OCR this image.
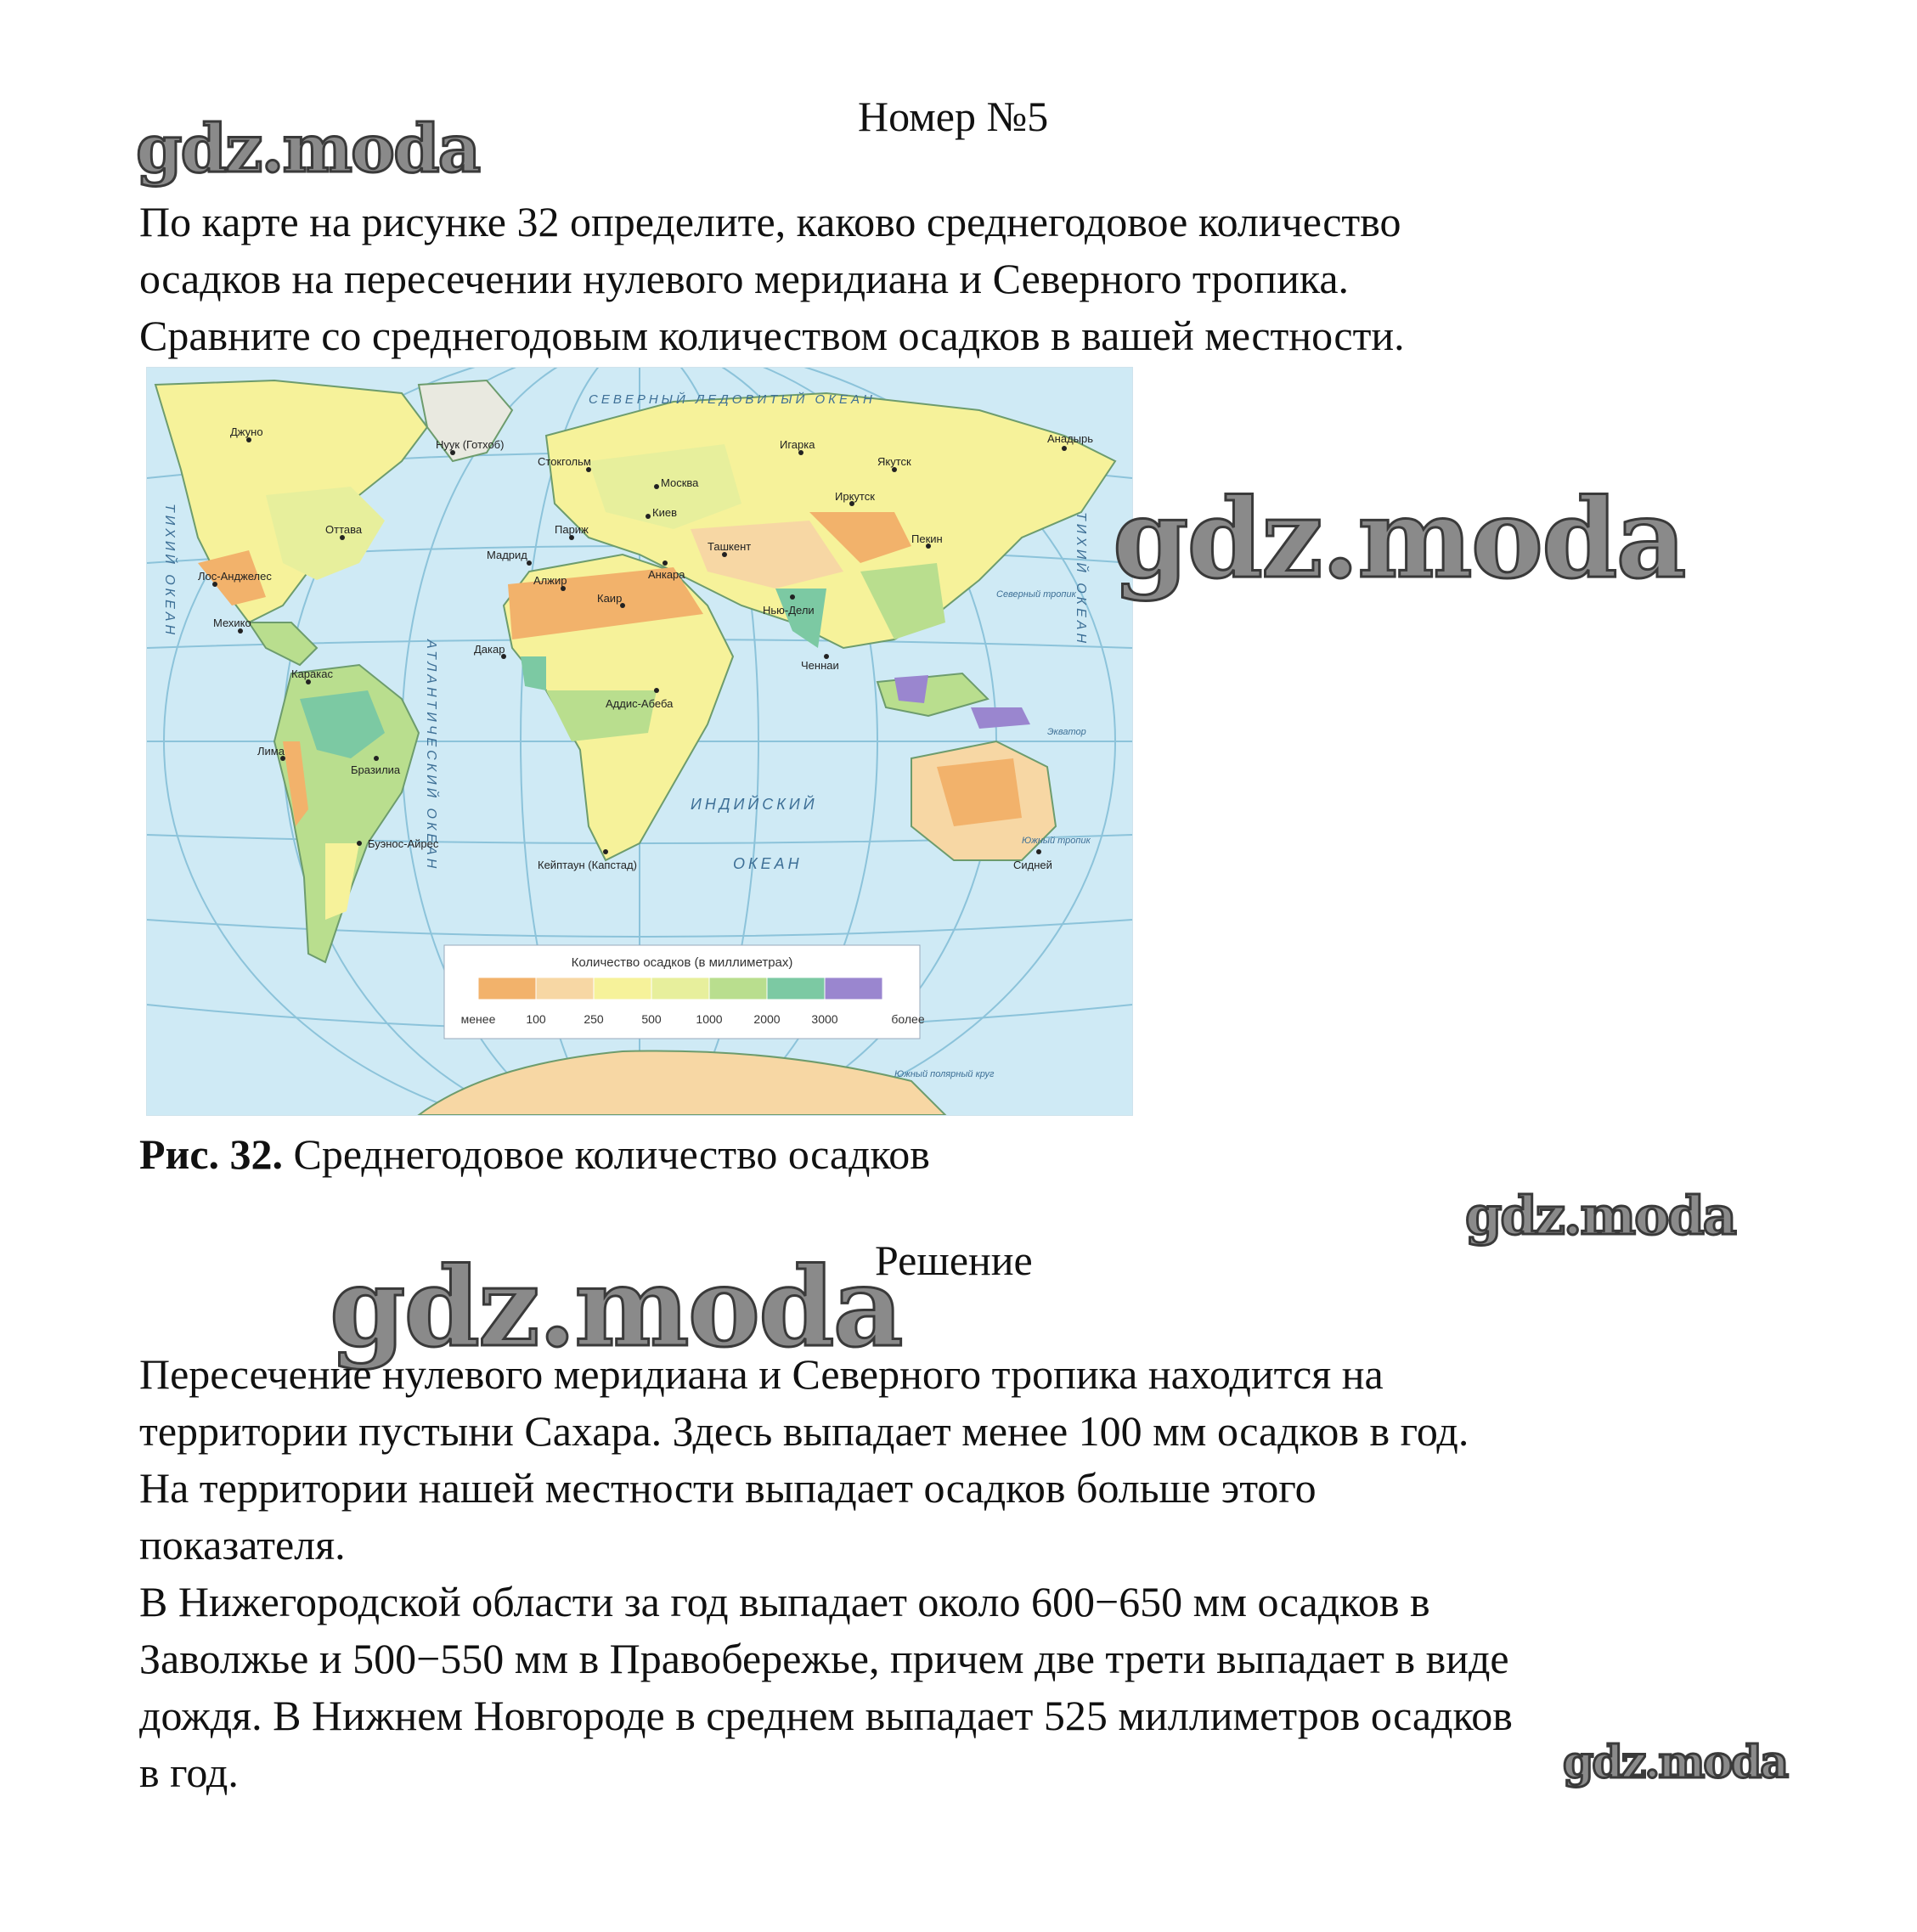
Номер №5
gdz.moda

По карте на рисунке 32 определите, каково среднегодовое количество
осадков на пересечении нулевого меридиана и Северного тропика.
Сравните со среднегодовым количеством осадков в вашей местности.

СЕВЕРНЫЙ ЛЕДОВИТЫЙ ОКЕАН
ИНДИЙСКИЙ
ОКЕАН
АТЛАНТИЧЕСКИЙ ОКЕАН
ТИХИЙ ОКЕАН	ТИХИЙ ОКЕАН
Северный тропик
Южный тропик
Экватор
Южный полярный круг
Анадырь
Джуно
Нуук (Готхоб)
Оттава
Лос-Анджелес
Мехико
Каракас
Лима
Бразилиа
Буэнос-Айрес
Стокгольм
Москва
Мадрид
Париж
Киев
Алжир	Анкара
Ташкент
Каир
Нью-Дели
Дакар
Аддис-Абеба
Кейптаун (Капстад)
Игарка
Якутск
Иркутск
Пекин
Ченнаи
Сидней
Количество осадков (в миллиметрах)
менее	100	250	500	1000	2000	3000	более
Рис. 32. Среднегодовое количество осадков
gdz.moda
gdz.moda
gdz.moda
Решение

Пересечение нулевого меридиана и Северного тропика находится на
территории пустыни Сахара. Здесь выпадает менее 100 мм осадков в год.
На территории нашей местности выпадает осадков больше этого
показателя.
В Нижегородской области за год выпадает около 600−650 мм осадков в
Заволжье и 500−550 мм в Правобережье, причем две трети выпадает в виде
дождя. В Нижнем Новгороде в среднем выпадает 525 миллиметров осадков
в год.	gdz.moda
